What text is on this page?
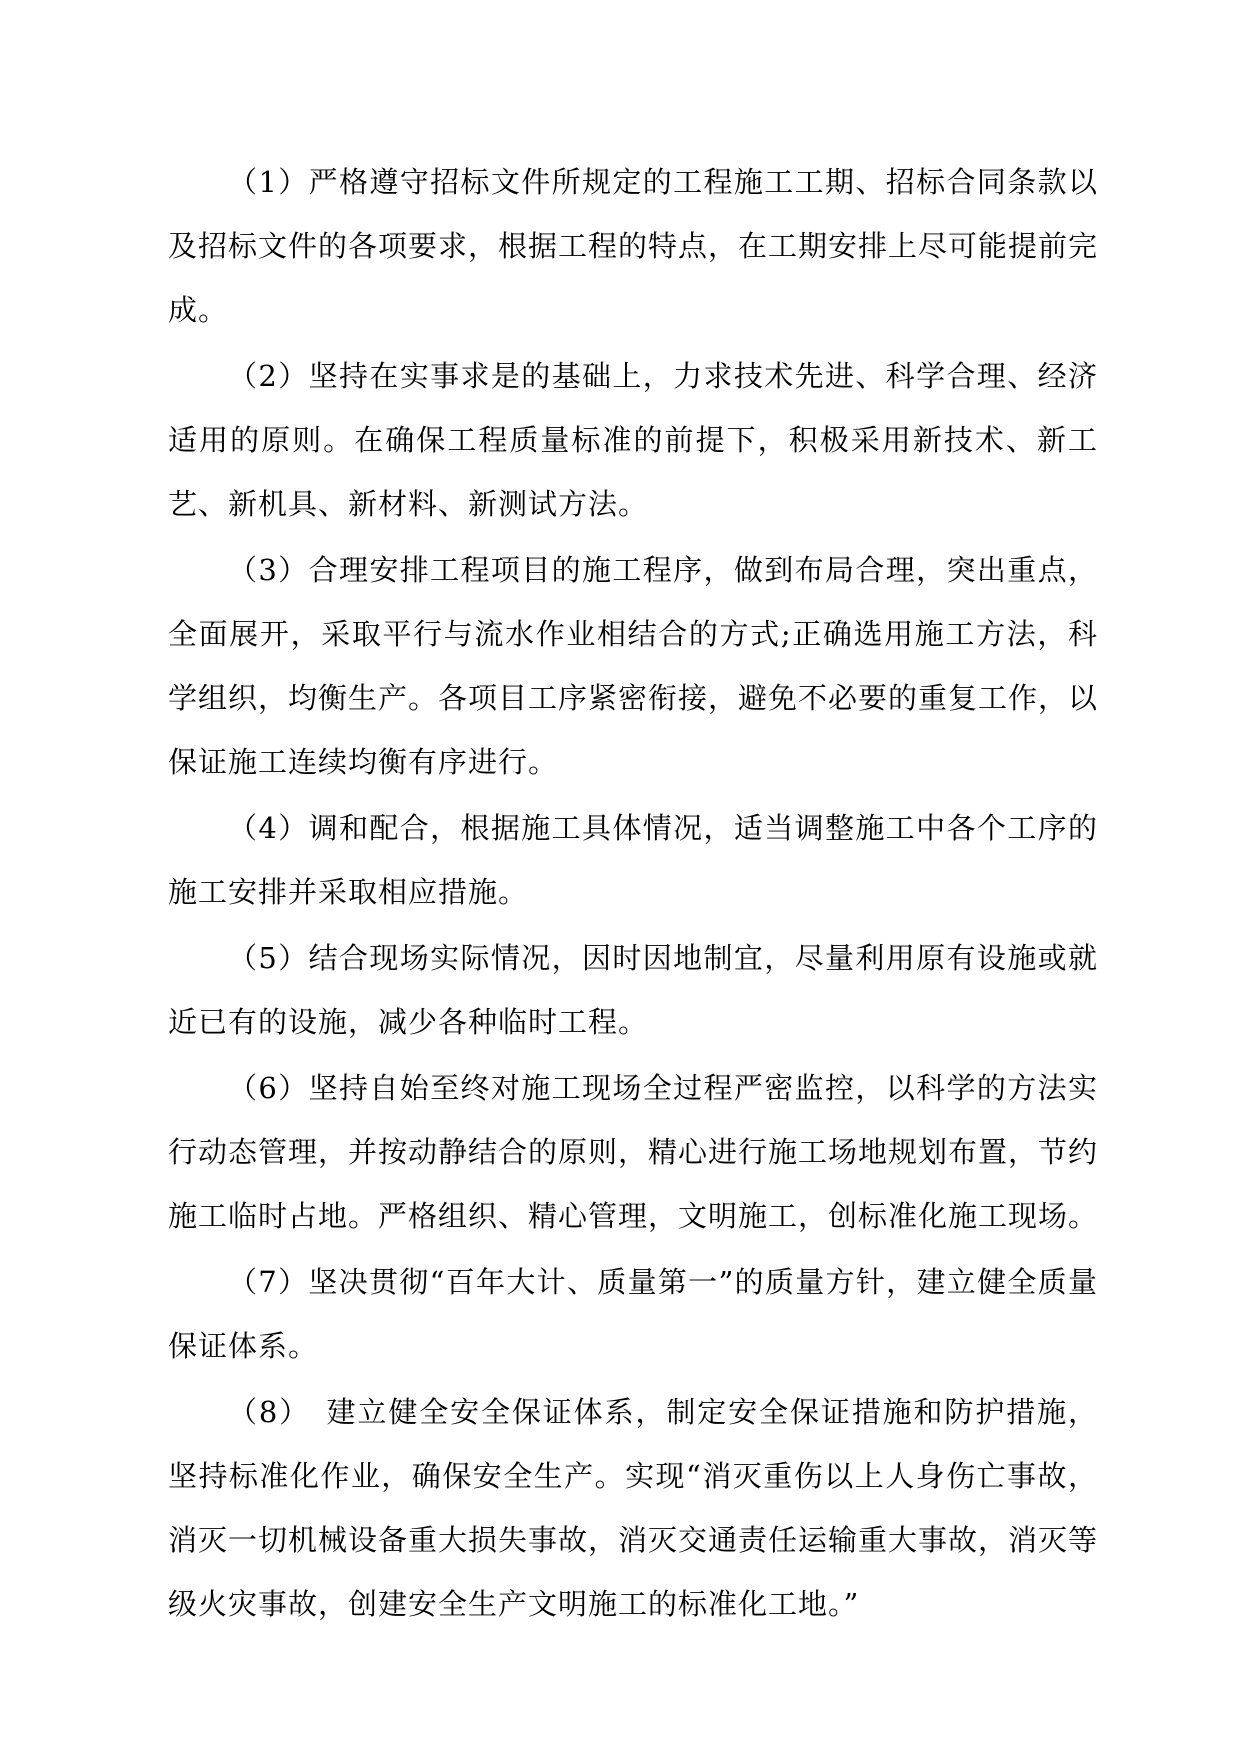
（1）严格遵守招标文件所规定的工程施工工期、招标合同条款以及招标文件的各项要求，根据工程的特点，在工期安排上尽可能提前完成。

（2）坚持在实事求是的基础上，力求技术先进、科学合理、经济适用的原则。在确保工程质量标准的前提下，积极采用新技术、新工艺、新机具、新材料、新测试方法。

（3）合理安排工程项目的施工程序，做到布局合理，突出重点，全面展开，采取平行与流水作业相结合的方式;正确选用施工方法，科学组织，均衡生产。各项目工序紧密衔接，避免不必要的重复工作，以保证施工连续均衡有序进行。

（4）调和配合，根据施工具体情况，适当调整施工中各个工序的施工安排并采取相应措施。

（5）结合现场实际情况，因时因地制宜，尽量利用原有设施或就近已有的设施，减少各种临时工程。

（6）坚持自始至终对施工现场全过程严密监控，以科学的方法实行动态管理，并按动静结合的原则，精心进行施工场地规划布置，节约施工临时占地。严格组织、精心管理，文明施工，创标准化施工现场。

（7）坚决贯彻“百年大计、质量第一”的质量方针，建立健全质量保证体系。

（8）　建立健全安全保证体系，制定安全保证措施和防护措施，坚持标准化作业，确保安全生产。实现“消灭重伤以上人身伤亡事故，消灭一切机械设备重大损失事故，消灭交通责任运输重大事故，消灭等级火灾事故，创建安全生产文明施工的标准化工地。”
